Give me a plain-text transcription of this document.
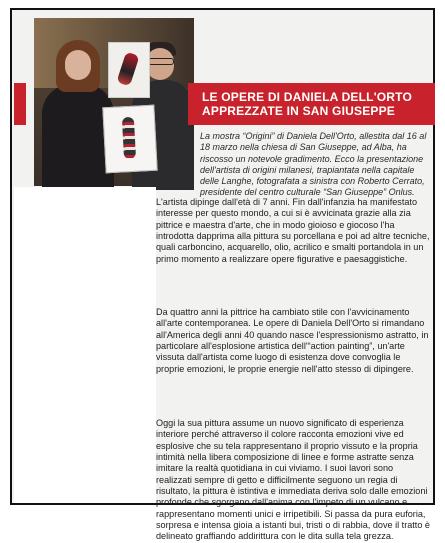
LE OPERE DI DANIELA DELL'ORTO APPREZZATE IN SAN GIUSEPPE
La mostra “Origini” di Daniela Dell'Orto, allestita dal 16 al 18 marzo nella chiesa di San Giuseppe, ad Alba, ha riscosso un notevole gradimento. Ecco la presentazione dell'artista di origini milanesi, trapiantata nella capitale delle Langhe, fotografata a sinistra con Roberto Cerrato, presidente del centro culturale “San Giuseppe” Onlus.

L'artista dipinge dall'età di 7 anni. Fin dall'infanzia ha manifestato interesse per questo mondo, a cui si è avvicinata grazie alla zia pittrice e maestra d'arte, che in modo gioioso e giocoso l'ha introdotta dapprima alla pittura su porcellana e poi ad altre tecniche, quali carboncino, acquarello, olio, acrilico e smalti portandola in un primo momento a realizzare opere figurative e paesaggistiche.

Da quattro anni la pittrice ha cambiato stile con l'avvicinamento all'arte contemporanea. Le opere di Daniela Dell'Orto si rimandano all'America degli anni 40 quando nasce l'espressionismo astratto, in particolare all'esplosione artistica dell'“action painting”, un'arte vissuta dall'artista come luogo di esistenza dove convoglia le proprie emozioni, le proprie energie nell'atto stesso di dipingere.

Oggi la sua pittura assume un nuovo significato di esperienza interiore perché attraverso il colore racconta emozioni vive ed esplosive che su tela rappresentano il proprio vissuto e la propria intimità nella libera composizione di linee e forme astratte senza imitare la realtà quotidiana in cui viviamo. I suoi lavori sono realizzati sempre di getto e difficilmente seguono un regia di risultato, la pittura è istintiva e immediata deriva solo dalle emozioni profonde che sgorgano dall'anima con l'impeto di un vulcano e rappresentano momenti unici e irripetibili. Si passa da pura euforia, sorpresa e intensa gioia a istanti bui, tristi o di rabbia, dove il tratto è delineato graffiando addirittura con le dita sulla tela grezza.
